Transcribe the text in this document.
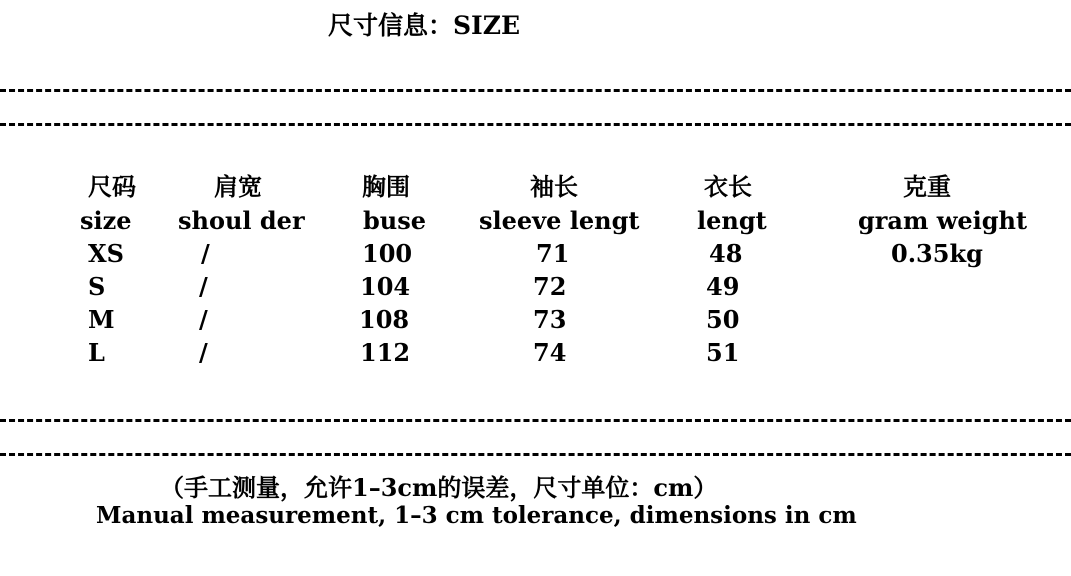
尺寸信息：SIZE
尺码
size
XS
S
M
L
肩宽
shoul der
/
/
/
/
胸围
buse
100
104
108
112
袖长
sleeve lengt
71
72
73
74
衣长
lengt
48
49
50
51
克重
gram weight
0.35kg
（手工测量，允许1–3cm的误差，尺寸单位：cm）
Manual measurement, 1–3 cm tolerance, dimensions in cm
